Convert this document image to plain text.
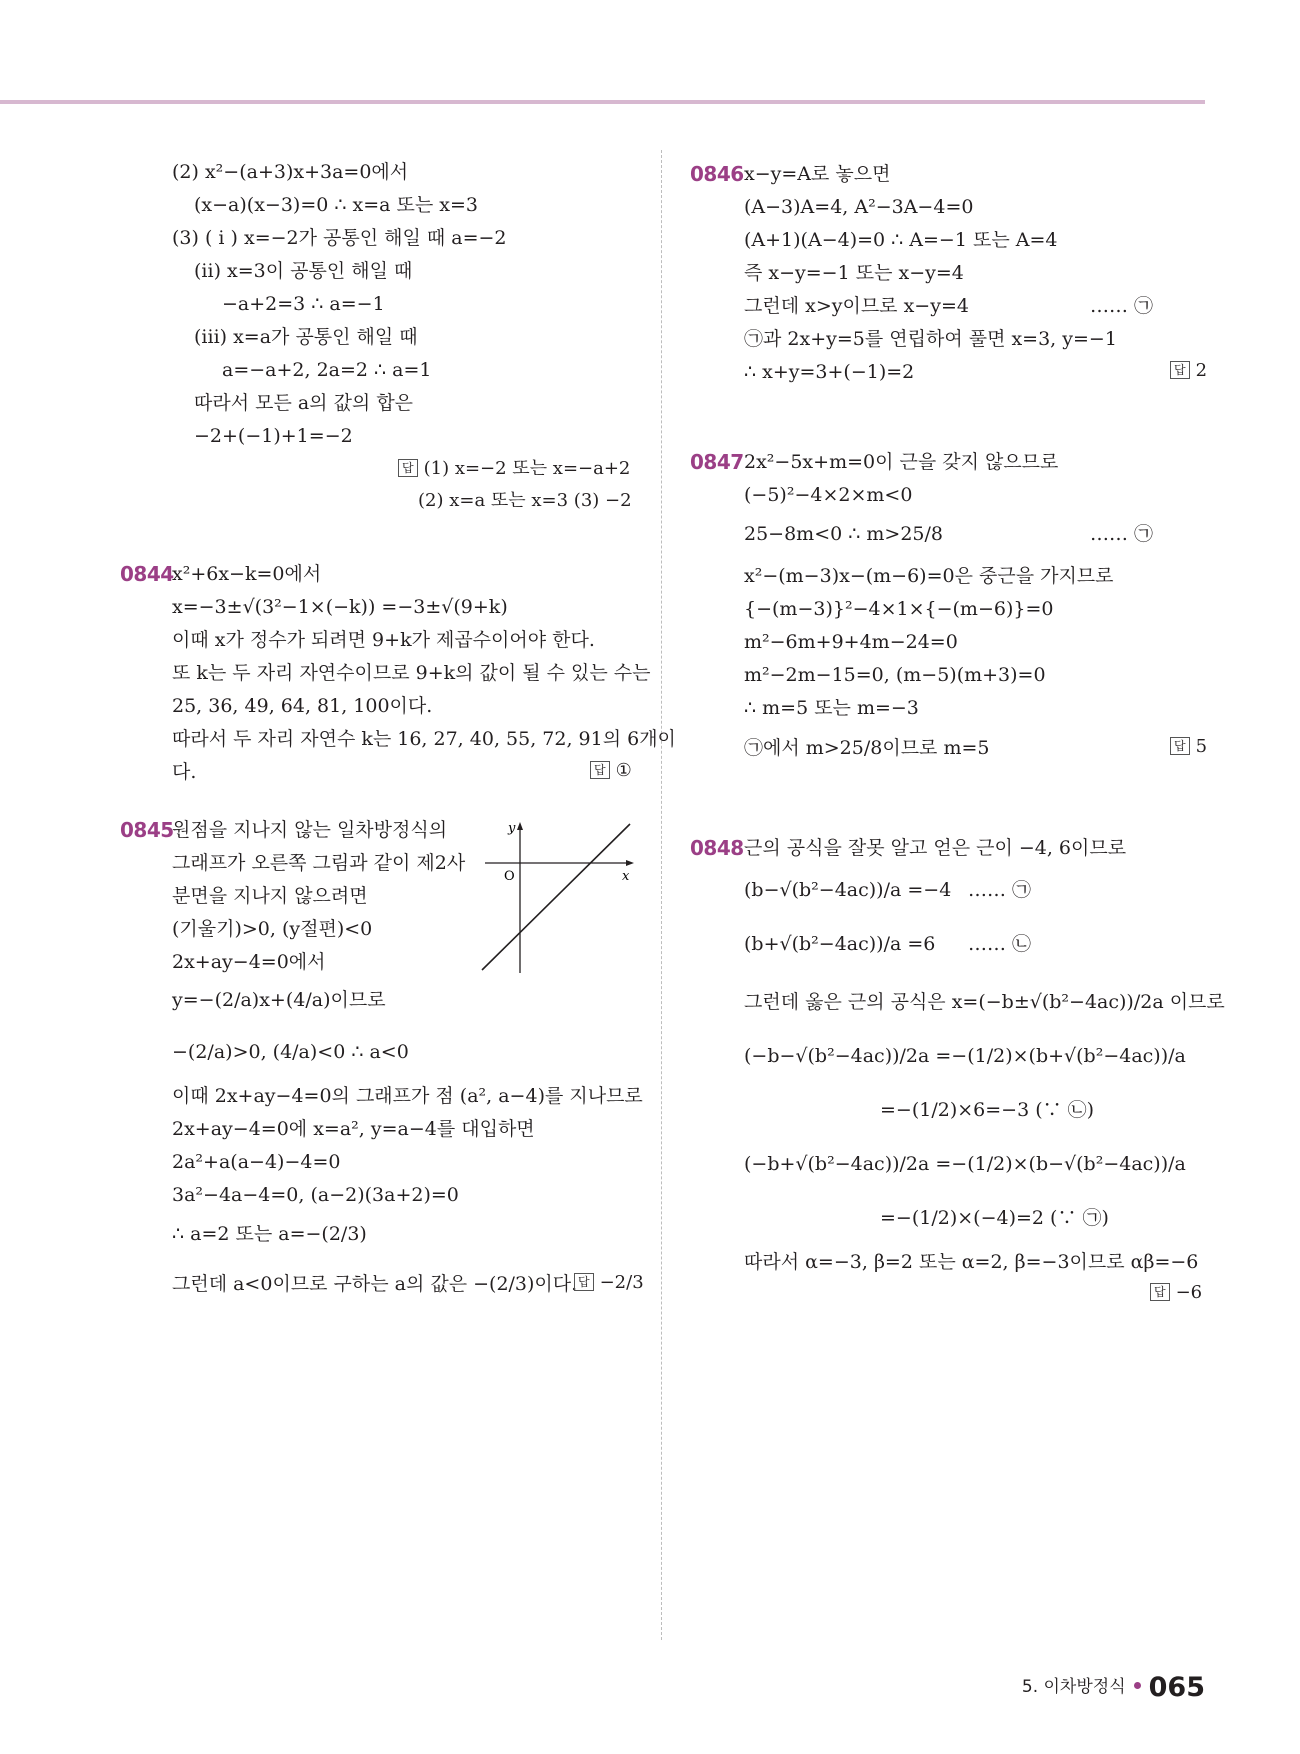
(2) x²−(a+3)x+3a=0에서
(x−a)(x−3)=0 ∴ x=a 또는 x=3
(3) ( i ) x=−2가 공통인 해일 때 a=−2
(ii) x=3이 공통인 해일 때
−a+2=3 ∴ a=−1
(iii) x=a가 공통인 해일 때
a=−a+2, 2a=2 ∴ a=1
따라서 모든 a의 값의 합은
−2+(−1)+1=−2
답 (1) x=−2 또는 x=−a+2
(2) x=a 또는 x=3 (3) −2
0844
x²+6x−k=0에서
x=−3±√(3²−1×(−k)) =−3±√(9+k)
이때 x가 정수가 되려면 9+k가 제곱수이어야 한다.
또 k는 두 자리 자연수이므로 9+k의 값이 될 수 있는 수는
25, 36, 49, 64, 81, 100이다.
따라서 두 자리 자연수 k는 16, 27, 40, 55, 72, 91의 6개이
다.	답 ①
0845
원점을 지나지 않는 일차방정식의
그래프가 오른쪽 그림과 같이 제2사
분면을 지나지 않으려면
(기울기)>0, (y절편)<0
2x+ay−4=0에서
y=−(2/a)x+(4/a)이므로
−(2/a)>0, (4/a)<0 ∴ a<0
이때 2x+ay−4=0의 그래프가 점 (a², a−4)를 지나므로
2x+ay−4=0에 x=a², y=a−4를 대입하면
2a²+a(a−4)−4=0
3a²−4a−4=0, (a−2)(3a+2)=0
∴ a=2 또는 a=−(2/3)
그런데 a<0이므로 구하는 a의 값은 −(2/3)이다. 답 −2/3
y
x
O
0846 x−y=A로 놓으면
(A−3)A=4, A²−3A−4=0
(A+1)(A−4)=0 ∴ A=−1 또는 A=4
즉 x−y=−1 또는 x−y=4
그런데 x>y이므로 x−y=4	…… ㉠
㉠과 2x+y=5를 연립하여 풀면 x=3, y=−1
∴ x+y=3+(−1)=2	답 2
0847 2x²−5x+m=0이 근을 갖지 않으므로
(−5)²−4×2×m<0
25−8m<0 ∴ m>25/8	…… ㉠
x²−(m−3)x−(m−6)=0은 중근을 가지므로
{−(m−3)}²−4×1×{−(m−6)}=0
m²−6m+9+4m−24=0
m²−2m−15=0, (m−5)(m+3)=0
∴ m=5 또는 m=−3
㉠에서 m>25/8이므로 m=5	답 5
0848 근의 공식을 잘못 알고 얻은 근이 −4, 6이므로
(b−√(b²−4ac))/a =−4 …… ㉠
(b+√(b²−4ac))/a =6 …… ㉡
그런데 옳은 근의 공식은 x=(−b±√(b²−4ac))/2a 이므로
(−b−√(b²−4ac))/2a =−(1/2)×(b+√(b²−4ac))/a
=−(1/2)×6=−3 (∵ ㉡)
(−b+√(b²−4ac))/2a =−(1/2)×(b−√(b²−4ac))/a
=−(1/2)×(−4)=2 (∵ ㉠)
따라서 α=−3, β=2 또는 α=2, β=−3이므로 αβ=−6
답 −6
5. 이차방정식 065
